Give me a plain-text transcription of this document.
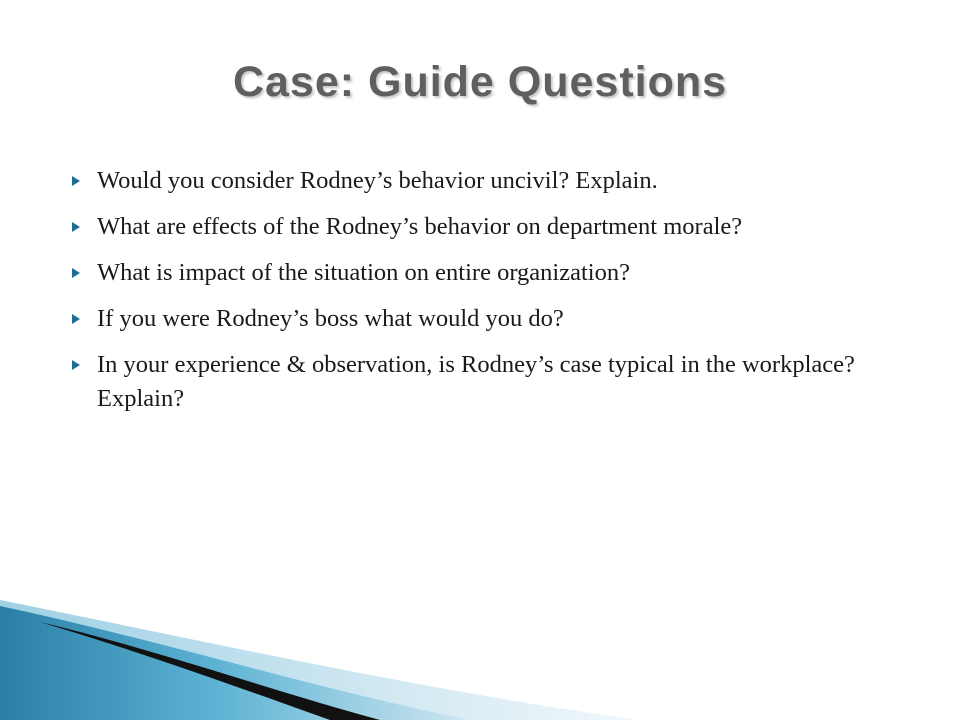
Case: Guide Questions
Would you consider Rodney’s behavior uncivil? Explain.
What are effects of the Rodney’s behavior on department morale?
What is impact of the situation on entire organization?
If you were Rodney’s boss what would you do?
In your experience & observation, is Rodney’s case typical in the workplace? Explain?
